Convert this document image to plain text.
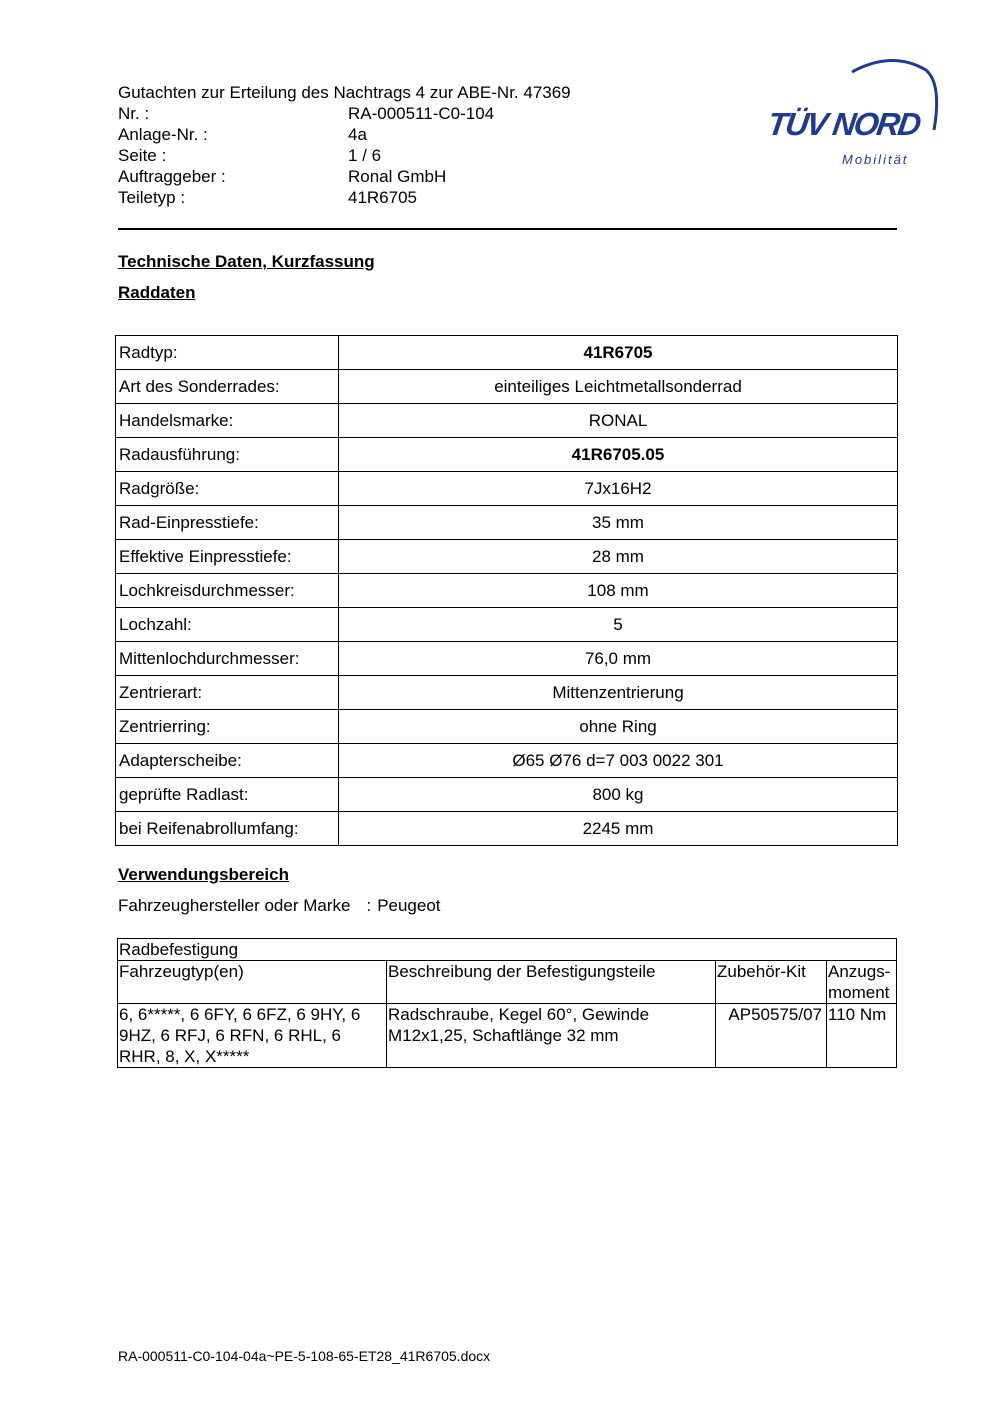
Gutachten zur Erteilung des Nachtrags 4 zur ABE-Nr. 47369
Nr. :	RA-000511-C0-104
Anlage-Nr. :	4a
Seite :	1 / 6
Auftraggeber :	Ronal GmbH
Teiletyp :	41R6705
TÜV NORD
Mobilität
Technische Daten, Kurzfassung
Raddaten
Radtyp:	41R6705
Art des Sonderrades:	einteiliges Leichtmetallsonderrad
Handelsmarke:	RONAL
Radausführung:	41R6705.05
Radgröße:	7Jx16H2
Rad-Einpresstiefe:	35 mm
Effektive Einpresstiefe:	28 mm
Lochkreisdurchmesser:	108 mm
Lochzahl:	5
Mittenlochdurchmesser:	76,0 mm
Zentrierart:	Mittenzentrierung
Zentrierring:	ohne Ring
Adapterscheibe:	Ø65 Ø76 d=7 003 0022 301
geprüfte Radlast:	800 kg
bei Reifenabrollumfang:	2245 mm
Verwendungsbereich
Fahrzeughersteller oder Marke : Peugeot
Radbefestigung			
Fahrzeugtyp(en)	Beschreibung der Befestigungsteile	Zubehör-Kit	Anzugs-
moment
6, 6*****, 6 6FY, 6 6FZ, 6 9HY, 6 9HZ, 6 RFJ, 6 RFN, 6 RHL, 6 RHR, 8, X, X*****	Radschraube, Kegel 60°, Gewinde M12x1,25, Schaftlänge 32 mm	AP50575/07	110 Nm
RA-000511-C0-104-04a~PE-5-108-65-ET28_41R6705.docx
